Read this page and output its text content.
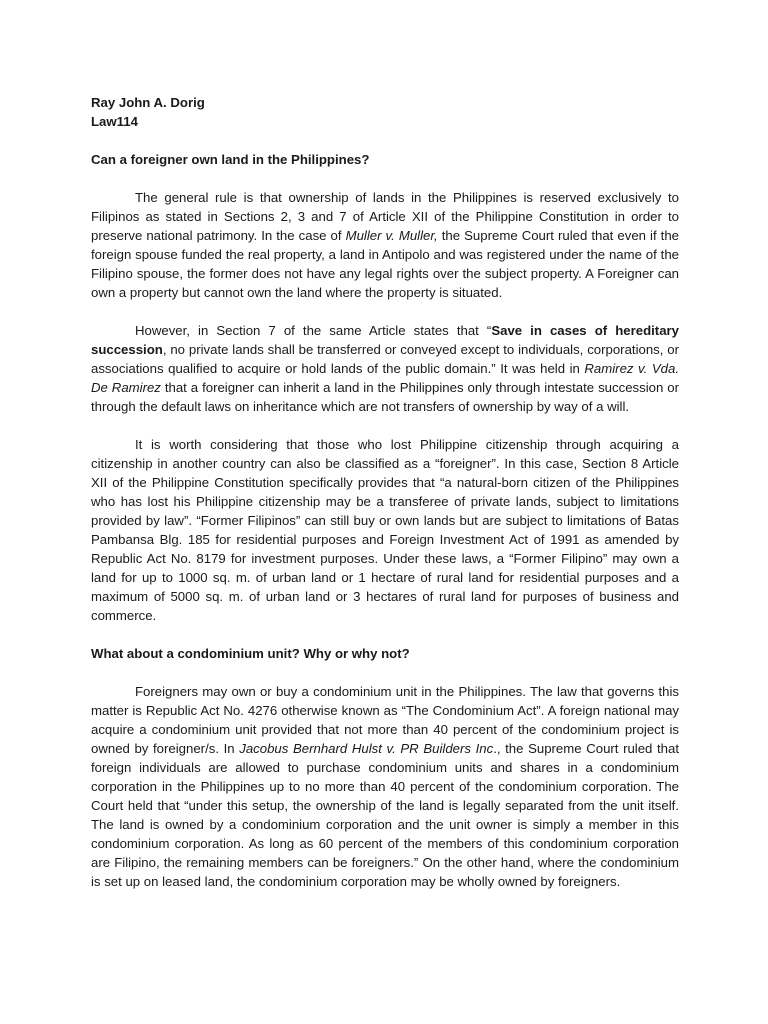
Ray John A. Dorig

Law114

Can a foreigner own land in the Philippines?

The general rule is that ownership of lands in the Philippines is reserved exclusively to Filipinos as stated in Sections 2, 3 and 7 of Article XII of the Philippine Constitution in order to preserve national patrimony. In the case of Muller v. Muller, the Supreme Court ruled that even if the foreign spouse funded the real property, a land in Antipolo and was registered under the name of the Filipino spouse, the former does not have any legal rights over the subject property. A Foreigner can own a property but cannot own the land where the property is situated.

However, in Section 7 of the same Article states that “Save in cases of hereditary succession, no private lands shall be transferred or conveyed except to individuals, corporations, or associations qualified to acquire or hold lands of the public domain.” It was held in Ramirez v. Vda. De Ramirez that a foreigner can inherit a land in the Philippines only through intestate succession or through the default laws on inheritance which are not transfers of ownership by way of a will.

It is worth considering that those who lost Philippine citizenship through acquiring a citizenship in another country can also be classified as a “foreigner”. In this case, Section 8 Article XII of the Philippine Constitution specifically provides that “a natural-born citizen of the Philippines who has lost his Philippine citizenship may be a transferee of private lands, subject to limitations provided by law”. “Former Filipinos” can still buy or own lands but are subject to limitations of Batas Pambansa Blg. 185 for residential purposes and Foreign Investment Act of 1991 as amended by Republic Act No. 8179 for investment purposes. Under these laws, a “Former Filipino” may own a land for up to 1000 sq. m. of urban land or 1 hectare of rural land for residential purposes and a maximum of 5000 sq. m. of urban land or 3 hectares of rural land for purposes of business and commerce.

What about a condominium unit? Why or why not?

Foreigners may own or buy a condominium unit in the Philippines. The law that governs this matter is Republic Act No. 4276 otherwise known as “The Condominium Act”. A foreign national may acquire a condominium unit provided that not more than 40 percent of the condominium project is owned by foreigner/s. In Jacobus Bernhard Hulst v. PR Builders Inc., the Supreme Court ruled that foreign individuals are allowed to purchase condominium units and shares in a condominium corporation in the Philippines up to no more than 40 percent of the condominium corporation. The Court held that “under this setup, the ownership of the land is legally separated from the unit itself. The land is owned by a condominium corporation and the unit owner is simply a member in this condominium corporation. As long as 60 percent of the members of this condominium corporation are Filipino, the remaining members can be foreigners.” On the other hand, where the condominium is set up on leased land, the condominium corporation may be wholly owned by foreigners.
